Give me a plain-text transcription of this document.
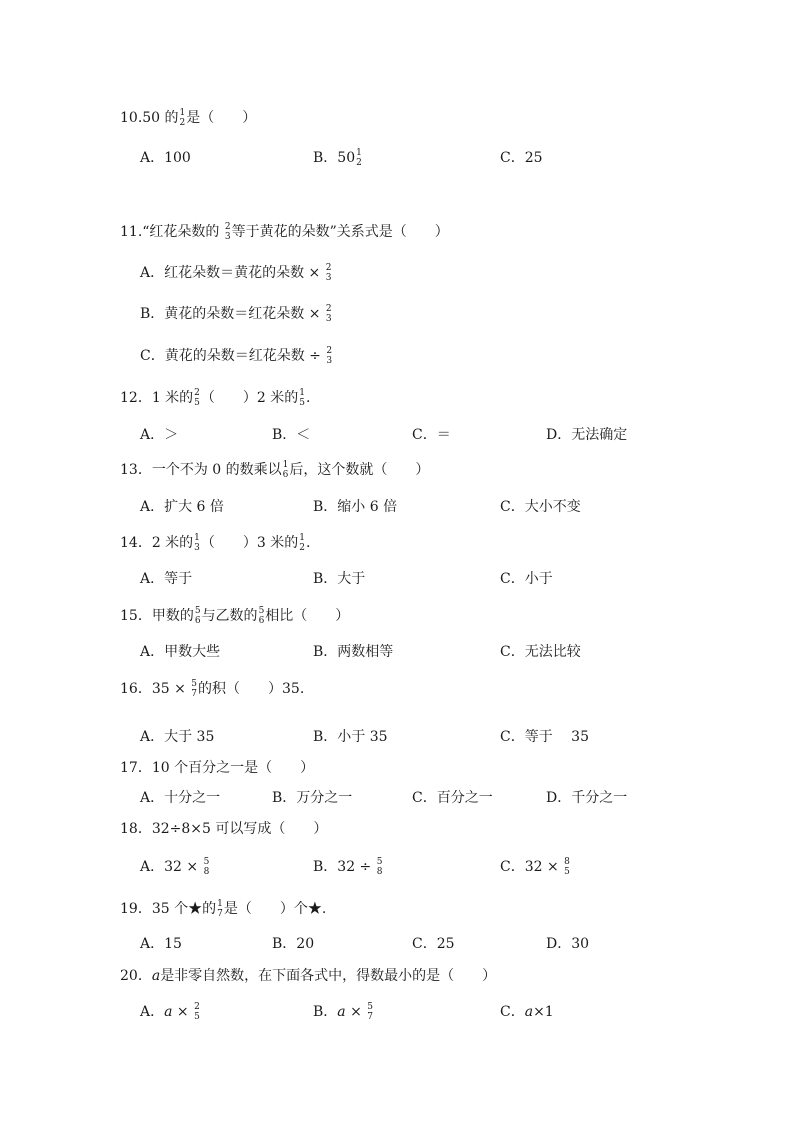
10.50 的 1
2 是（　　）
A．100	B．50 1
2	C．25
11.“红花朵数的 2
3 等于黄花的朵数”关系式是（　　）
A．红花朵数＝黄花的朵数 × 2
3
B．黄花的朵数＝红花朵数 × 2
3
C．黄花的朵数＝红花朵数 ÷ 2
3
12．1 米的 2
5 （　　）2 米的 1
5 .
A．＞	B．＜	C．＝	D．无法确定
13．一个不为 0 的数乘以 1
6 后，这个数就（　　）
A．扩大 6 倍	B．缩小 6 倍	C．大小不变
14．2 米的 1
3 （　　）3 米的 1
2 .
A．等于	B．大于	C．小于
15．甲数的 5
6 与乙数的 5
6 相比（　　）
A．甲数大些	B．两数相等	C．无法比较
16．35 × 5
7 的积（　　）35.
A．大于 35	B．小于 35	C．等于　 35
17．10 个百分之一是（　　）
A．十分之一	B．万分之一	C．百分之一	D．千分之一
18．32÷8×5 可以写成（　　）
A．32 × 5
8	B．32 ÷ 5
8	C．32 × 8
5
19．35 个★的 1
7 是（　　）个★.
A．15	B．20	C．25	D．30
20．a是非零自然数，在下面各式中，得数最小的是（　　）
A．a × 2
5	B．a × 5
7	C．a×1
